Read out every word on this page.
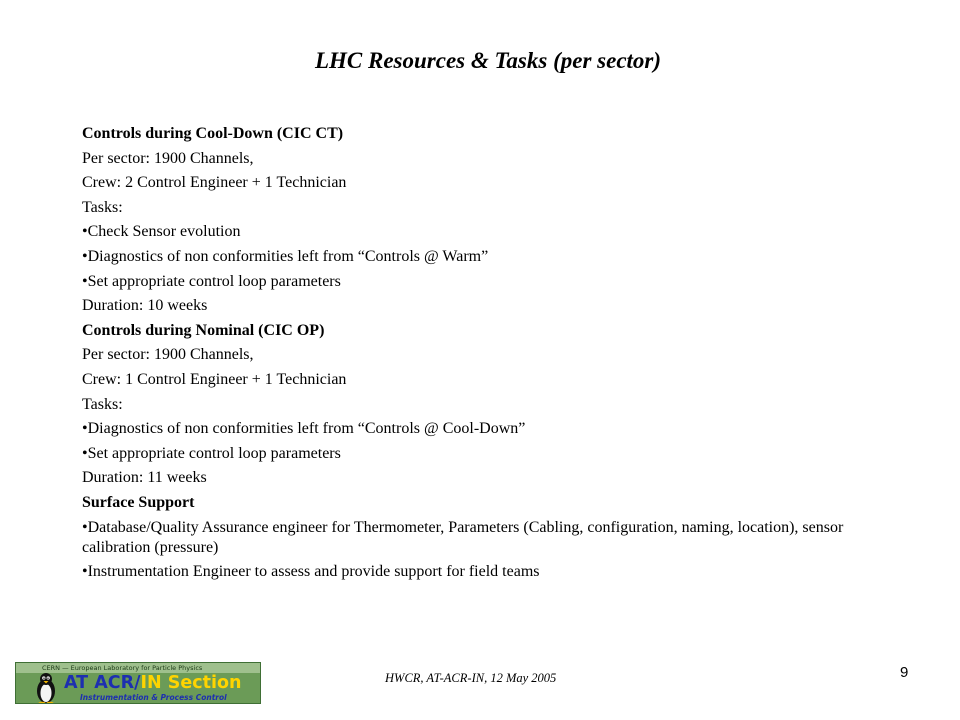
LHC Resources & Tasks (per sector)
Controls during Cool-Down (CIC CT)
Per sector: 1900 Channels,
Crew: 2 Control Engineer + 1 Technician
Tasks:
•Check Sensor evolution
•Diagnostics of non conformities left from “Controls @ Warm”
•Set appropriate control loop parameters
Duration: 10 weeks
Controls during Nominal (CIC OP)
Per sector: 1900 Channels,
Crew: 1 Control Engineer + 1 Technician
Tasks:
•Diagnostics of non conformities left from “Controls @ Cool-Down”
•Set appropriate control loop parameters
Duration: 11 weeks
Surface Support
•Database/Quality Assurance engineer for Thermometer, Parameters (Cabling, configuration, naming, location), sensor calibration (pressure)
•Instrumentation Engineer to assess and provide support for field teams
CERN — European Laboratory for Particle Physics
AT ACR/IN Section
Instrumentation & Process Control
HWCR, AT-ACR-IN, 12 May 2005	9
